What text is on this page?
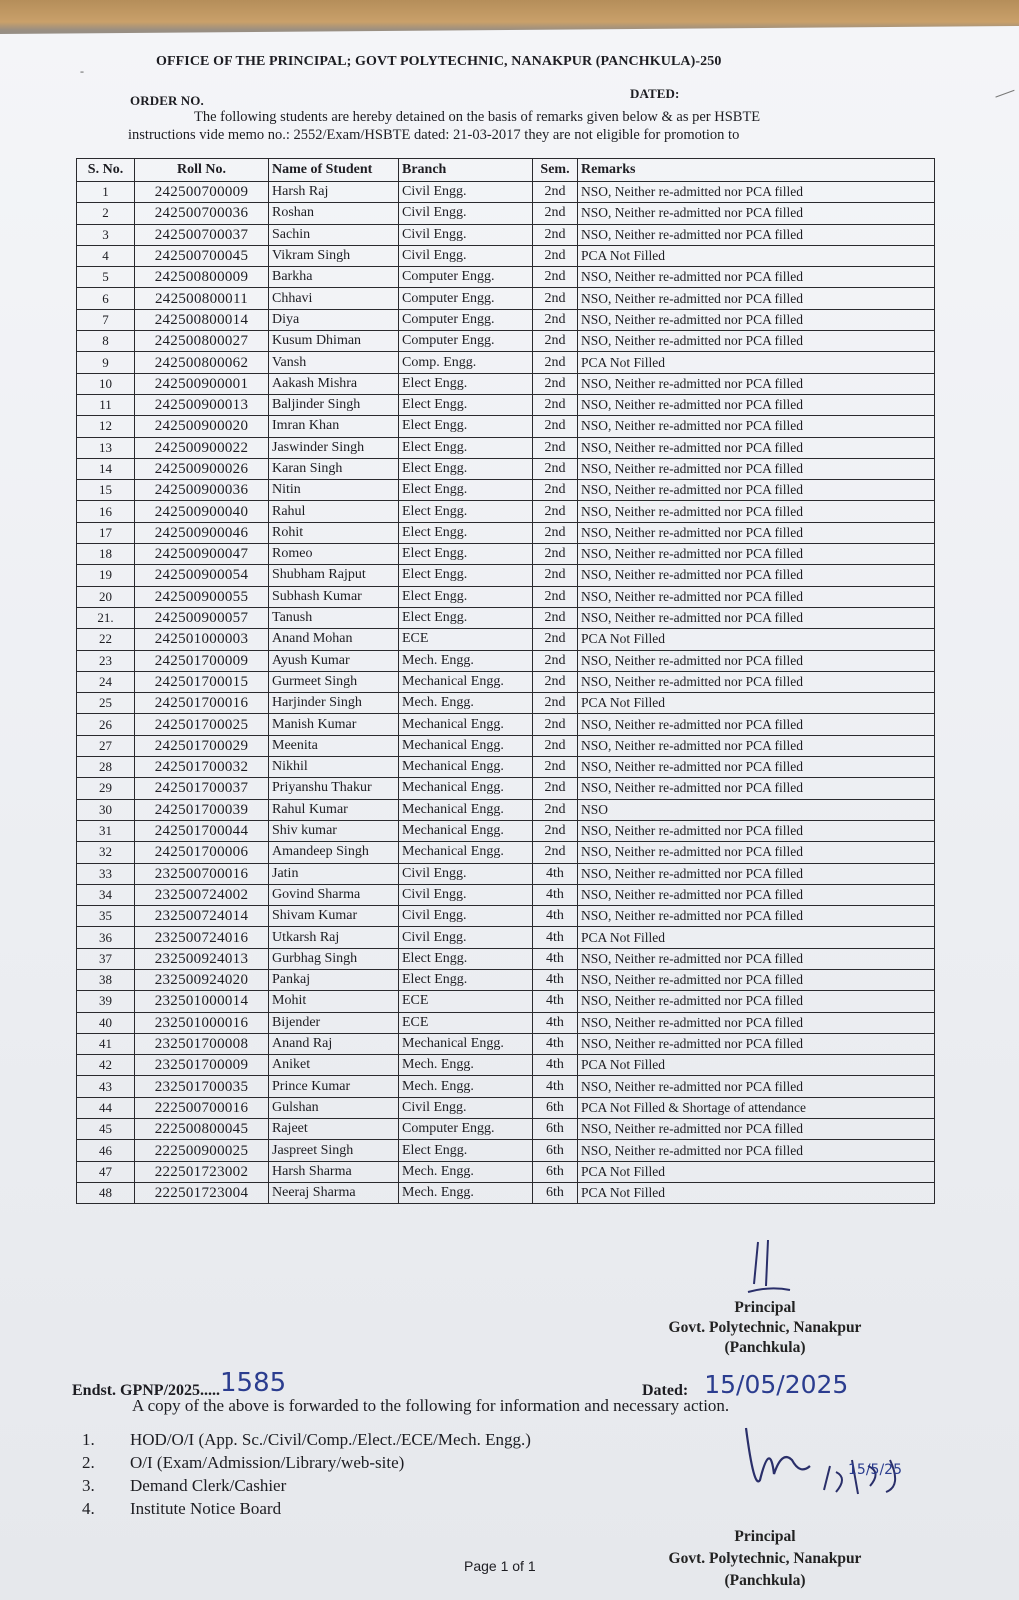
-
OFFICE OF THE PRINCIPAL; GOVT POLYTECHNIC, NANAKPUR (PANCHKULA)-250
ORDER NO.	DATED:
The following students are hereby detained on the basis of remarks given below & as per HSBTE
instructions vide memo no.: 2552/Exam/HSBTE dated: 21-03-2017 they are not eligible for promotion to
S. No.	Roll No.	Name of Student	Branch	Sem.	Remarks
1	242500700009	Harsh Raj	Civil Engg.	2nd	NSO, Neither re-admitted nor PCA filled
2	242500700036	Roshan	Civil Engg.	2nd	NSO, Neither re-admitted nor PCA filled
3	242500700037	Sachin	Civil Engg.	2nd	NSO, Neither re-admitted nor PCA filled
4	242500700045	Vikram Singh	Civil Engg.	2nd	PCA Not Filled
5	242500800009	Barkha	Computer Engg.	2nd	NSO, Neither re-admitted nor PCA filled
6	242500800011	Chhavi	Computer Engg.	2nd	NSO, Neither re-admitted nor PCA filled
7	242500800014	Diya	Computer Engg.	2nd	NSO, Neither re-admitted nor PCA filled
8	242500800027	Kusum Dhiman	Computer Engg.	2nd	NSO, Neither re-admitted nor PCA filled
9	242500800062	Vansh	Comp. Engg.	2nd	PCA Not Filled
10	242500900001	Aakash Mishra	Elect Engg.	2nd	NSO, Neither re-admitted nor PCA filled
11	242500900013	Baljinder Singh	Elect Engg.	2nd	NSO, Neither re-admitted nor PCA filled
12	242500900020	Imran Khan	Elect Engg.	2nd	NSO, Neither re-admitted nor PCA filled
13	242500900022	Jaswinder Singh	Elect Engg.	2nd	NSO, Neither re-admitted nor PCA filled
14	242500900026	Karan Singh	Elect Engg.	2nd	NSO, Neither re-admitted nor PCA filled
15	242500900036	Nitin	Elect Engg.	2nd	NSO, Neither re-admitted nor PCA filled
16	242500900040	Rahul	Elect Engg.	2nd	NSO, Neither re-admitted nor PCA filled
17	242500900046	Rohit	Elect Engg.	2nd	NSO, Neither re-admitted nor PCA filled
18	242500900047	Romeo	Elect Engg.	2nd	NSO, Neither re-admitted nor PCA filled
19	242500900054	Shubham Rajput	Elect Engg.	2nd	NSO, Neither re-admitted nor PCA filled
20	242500900055	Subhash Kumar	Elect Engg.	2nd	NSO, Neither re-admitted nor PCA filled
21.	242500900057	Tanush	Elect Engg.	2nd	NSO, Neither re-admitted nor PCA filled
22	242501000003	Anand Mohan	ECE	2nd	PCA Not Filled
23	242501700009	Ayush Kumar	Mech. Engg.	2nd	NSO, Neither re-admitted nor PCA filled
24	242501700015	Gurmeet Singh	Mechanical Engg.	2nd	NSO, Neither re-admitted nor PCA filled
25	242501700016	Harjinder Singh	Mech. Engg.	2nd	PCA Not Filled
26	242501700025	Manish Kumar	Mechanical Engg.	2nd	NSO, Neither re-admitted nor PCA filled
27	242501700029	Meenita	Mechanical Engg.	2nd	NSO, Neither re-admitted nor PCA filled
28	242501700032	Nikhil	Mechanical Engg.	2nd	NSO, Neither re-admitted nor PCA filled
29	242501700037	Priyanshu Thakur	Mechanical Engg.	2nd	NSO, Neither re-admitted nor PCA filled
30	242501700039	Rahul Kumar	Mechanical Engg.	2nd	NSO
31	242501700044	Shiv kumar	Mechanical Engg.	2nd	NSO, Neither re-admitted nor PCA filled
32	242501700006	Amandeep Singh	Mechanical Engg.	2nd	NSO, Neither re-admitted nor PCA filled
33	232500700016	Jatin	Civil Engg.	4th	NSO, Neither re-admitted nor PCA filled
34	232500724002	Govind Sharma	Civil Engg.	4th	NSO, Neither re-admitted nor PCA filled
35	232500724014	Shivam Kumar	Civil Engg.	4th	NSO, Neither re-admitted nor PCA filled
36	232500724016	Utkarsh Raj	Civil Engg.	4th	PCA Not Filled
37	232500924013	Gurbhag Singh	Elect Engg.	4th	NSO, Neither re-admitted nor PCA filled
38	232500924020	Pankaj	Elect Engg.	4th	NSO, Neither re-admitted nor PCA filled
39	232501000014	Mohit	ECE	4th	NSO, Neither re-admitted nor PCA filled
40	232501000016	Bijender	ECE	4th	NSO, Neither re-admitted nor PCA filled
41	232501700008	Anand Raj	Mechanical Engg.	4th	NSO, Neither re-admitted nor PCA filled
42	232501700009	Aniket	Mech. Engg.	4th	PCA Not Filled
43	232501700035	Prince Kumar	Mech. Engg.	4th	NSO, Neither re-admitted nor PCA filled
44	222500700016	Gulshan	Civil Engg.	6th	PCA Not Filled & Shortage of attendance
45	222500800045	Rajeet	Computer Engg.	6th	NSO, Neither re-admitted nor PCA filled
46	222500900025	Jaspreet Singh	Elect Engg.	6th	NSO, Neither re-admitted nor PCA filled
47	222501723002	Harsh Sharma	Mech. Engg.	6th	PCA Not Filled
48	222501723004	Neeraj Sharma	Mech. Engg.	6th	PCA Not Filled
Principal
Govt. Polytechnic, Nanakpur
(Panchkula)
Endst. GPNP/2025.....1585	Dated: 15/05/2025
A copy of the above is forwarded to the following for information and necessary action.
1. HOD/O/I (App. Sc./Civil/Comp./Elect./ECE/Mech. Engg.)
2. O/I (Exam/Admission/Library/web-site)
3. Demand Clerk/Cashier
4. Institute Notice Board
15/5/25
Principal
Govt. Polytechnic, Nanakpur
(Panchkula)
Page 1 of 1
